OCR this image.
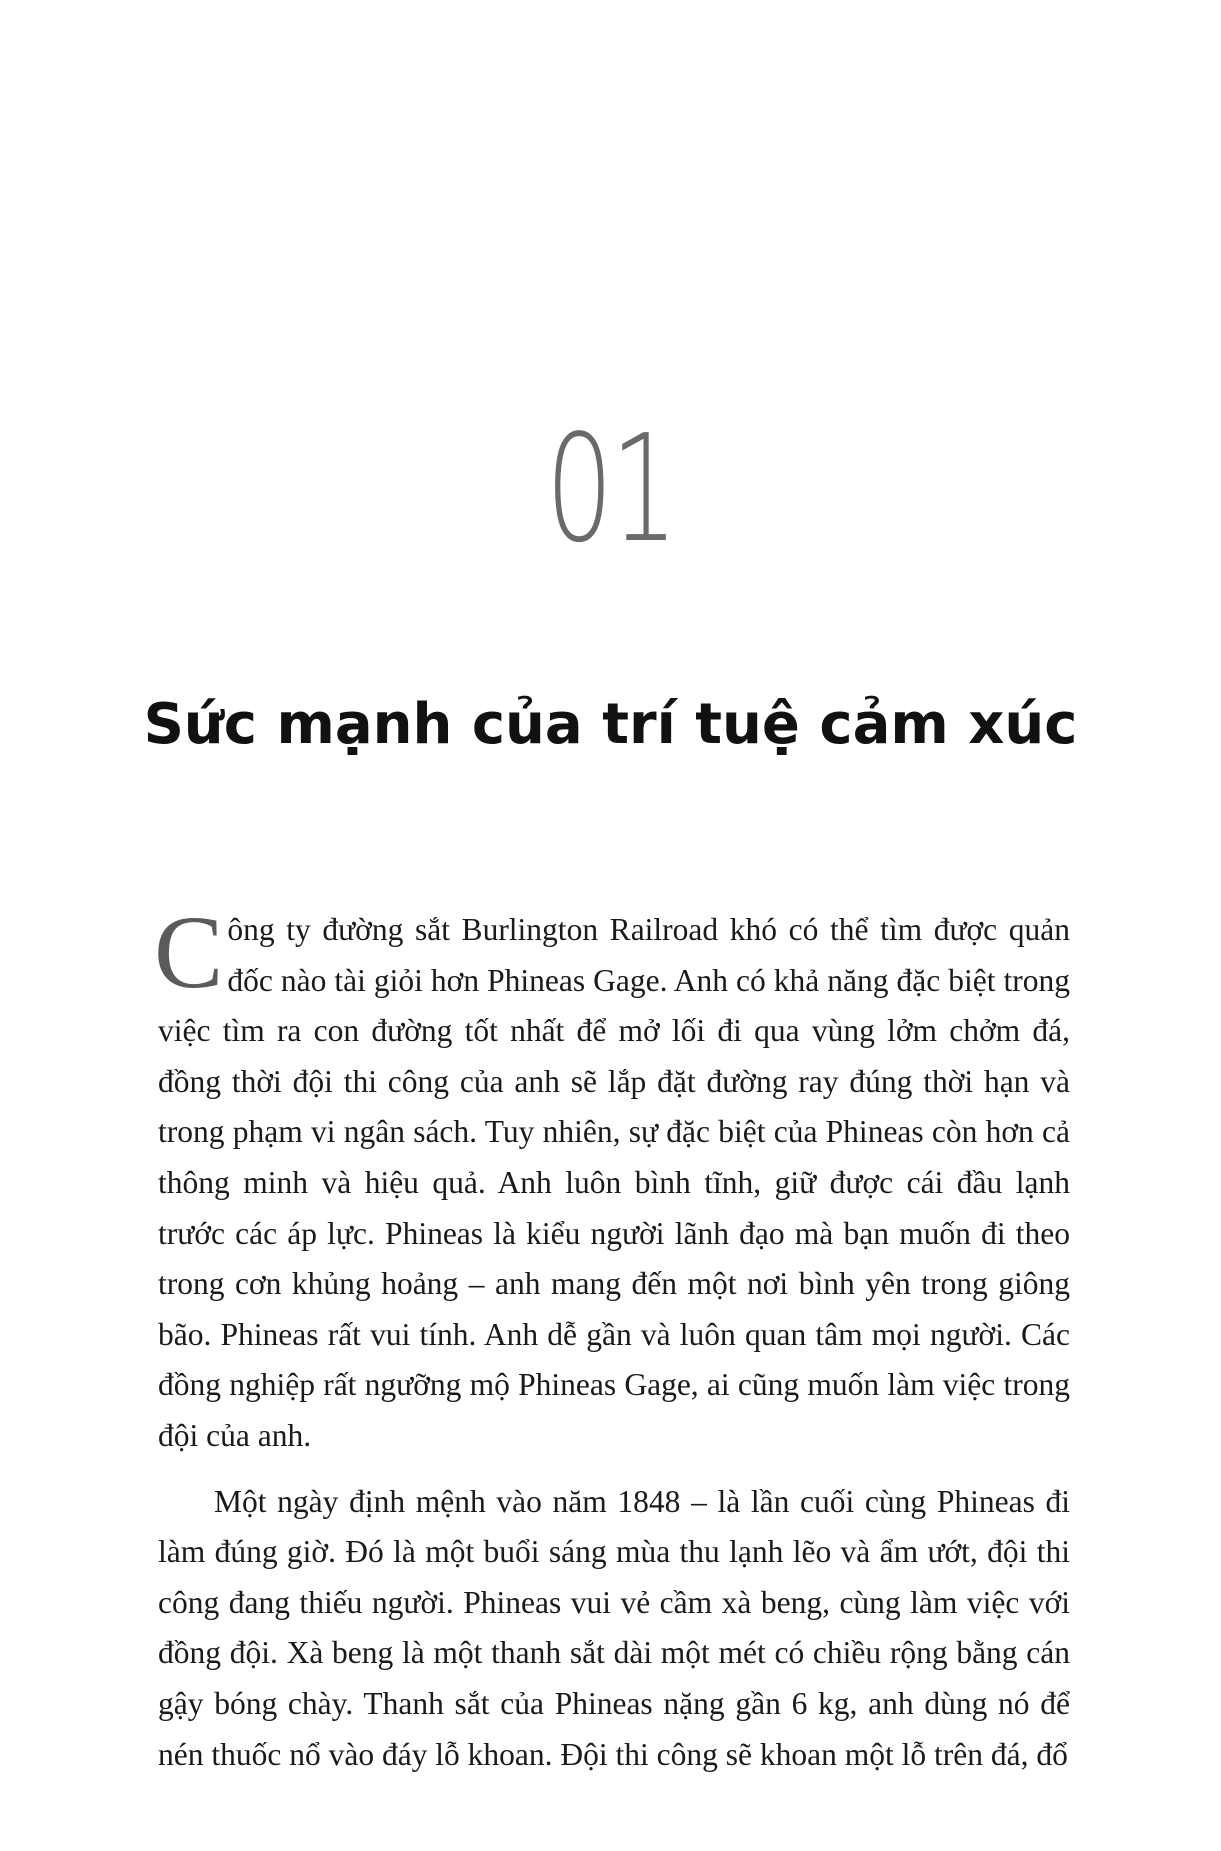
01
Sức mạnh của trí tuệ cảm xúc

Công ty đường sắt Burlington Railroad khó có thể tìm được quản đốc nào tài giỏi hơn Phineas Gage. Anh có khả năng đặc biệt trong việc tìm ra con đường tốt nhất để mở lối đi qua vùng lởm chởm đá, đồng thời đội thi công của anh sẽ lắp đặt đường ray đúng thời hạn và trong phạm vi ngân sách. Tuy nhiên, sự đặc biệt của Phineas còn hơn cả thông minh và hiệu quả. Anh luôn bình tĩnh, giữ được cái đầu lạnh trước các áp lực. Phineas là kiểu người lãnh đạo mà bạn muốn đi theo trong cơn khủng hoảng – anh mang đến một nơi bình yên trong giông bão. Phineas rất vui tính. Anh dễ gần và luôn quan tâm mọi người. Các đồng nghiệp rất ngưỡng mộ Phineas Gage, ai cũng muốn làm việc trong đội của anh.

Một ngày định mệnh vào năm 1848 – là lần cuối cùng Phineas đi làm đúng giờ. Đó là một buổi sáng mùa thu lạnh lẽo và ẩm ướt, đội thi công đang thiếu người. Phineas vui vẻ cầm xà beng, cùng làm việc với đồng đội. Xà beng là một thanh sắt dài một mét có chiều rộng bằng cán gậy bóng chày. Thanh sắt của Phineas nặng gần 6 kg, anh dùng nó để nén thuốc nổ vào đáy lỗ khoan. Đội thi công sẽ khoan một lỗ trên đá, đổ
